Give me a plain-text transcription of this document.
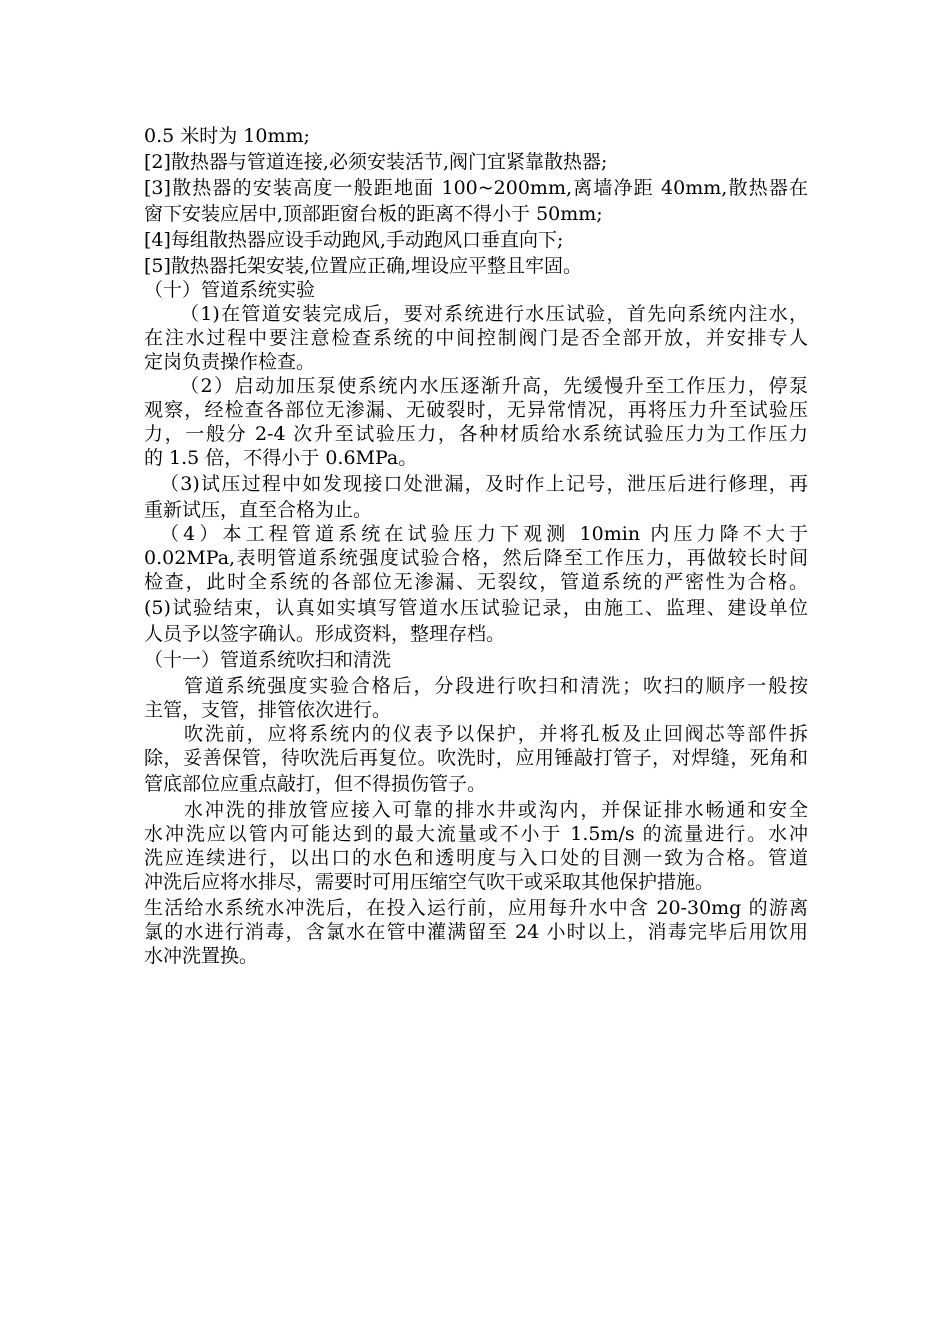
0.5 米时为 10mm;
[2]散热器与管道连接,必须安装活节,阀门宜紧靠散热器;
[3]散热器的安装高度一般距地面 100~200mm,离墙净距 40mm,散热器在
窗下安装应居中,顶部距窗台板的距离不得小于 50mm;
[4]每组散热器应设手动跑风,手动跑风口垂直向下;
[5]散热器托架安装,位置应正确,埋设应平整且牢固。
（十）管道系统实验
（1)在管道安装完成后，要对系统进行水压试验，首先向系统内注水，
在注水过程中要注意检查系统的中间控制阀门是否全部开放，并安排专人
定岗负责操作检查。
（2）启动加压泵使系统内水压逐渐升高，先缓慢升至工作压力，停泵
观察，经检查各部位无渗漏、无破裂时，无异常情况，再将压力升至试验压
力，一般分 2-4 次升至试验压力，各种材质给水系统试验压力为工作压力
的 1.5 倍，不得小于 0.6MPa。
（3)试压过程中如发现接口处泄漏，及时作上记号，泄压后进行修理，再
重新试压，直至合格为止。
（4）本工程管道系统在试验压力下观测 10min 内压力降不大于
0.02MPa,表明管道系统强度试验合格，然后降至工作压力，再做较长时间
检查，此时全系统的各部位无渗漏、无裂纹，管道系统的严密性为合格。
(5)试验结束，认真如实填写管道水压试验记录，由施工、监理、建设单位
人员予以签字确认。形成资料，整理存档。
（十一）管道系统吹扫和清洗
管道系统强度实验合格后，分段进行吹扫和清洗；吹扫的顺序一般按
主管，支管，排管依次进行。
吹洗前，应将系统内的仪表予以保护，并将孔板及止回阀芯等部件拆
除，妥善保管，待吹洗后再复位。吹洗时，应用锤敲打管子，对焊缝，死角和
管底部位应重点敲打，但不得损伤管子。
水冲洗的排放管应接入可靠的排水井或沟内，并保证排水畅通和安全
水冲洗应以管内可能达到的最大流量或不小于 1.5m/s 的流量进行。水冲
洗应连续进行，以出口的水色和透明度与入口处的目测一致为合格。管道
冲洗后应将水排尽，需要时可用压缩空气吹干或采取其他保护措施。
生活给水系统水冲洗后，在投入运行前，应用每升水中含 20-30mg 的游离
氯的水进行消毒，含氯水在管中灌满留至 24 小时以上，消毒完毕后用饮用
水冲洗置换。
